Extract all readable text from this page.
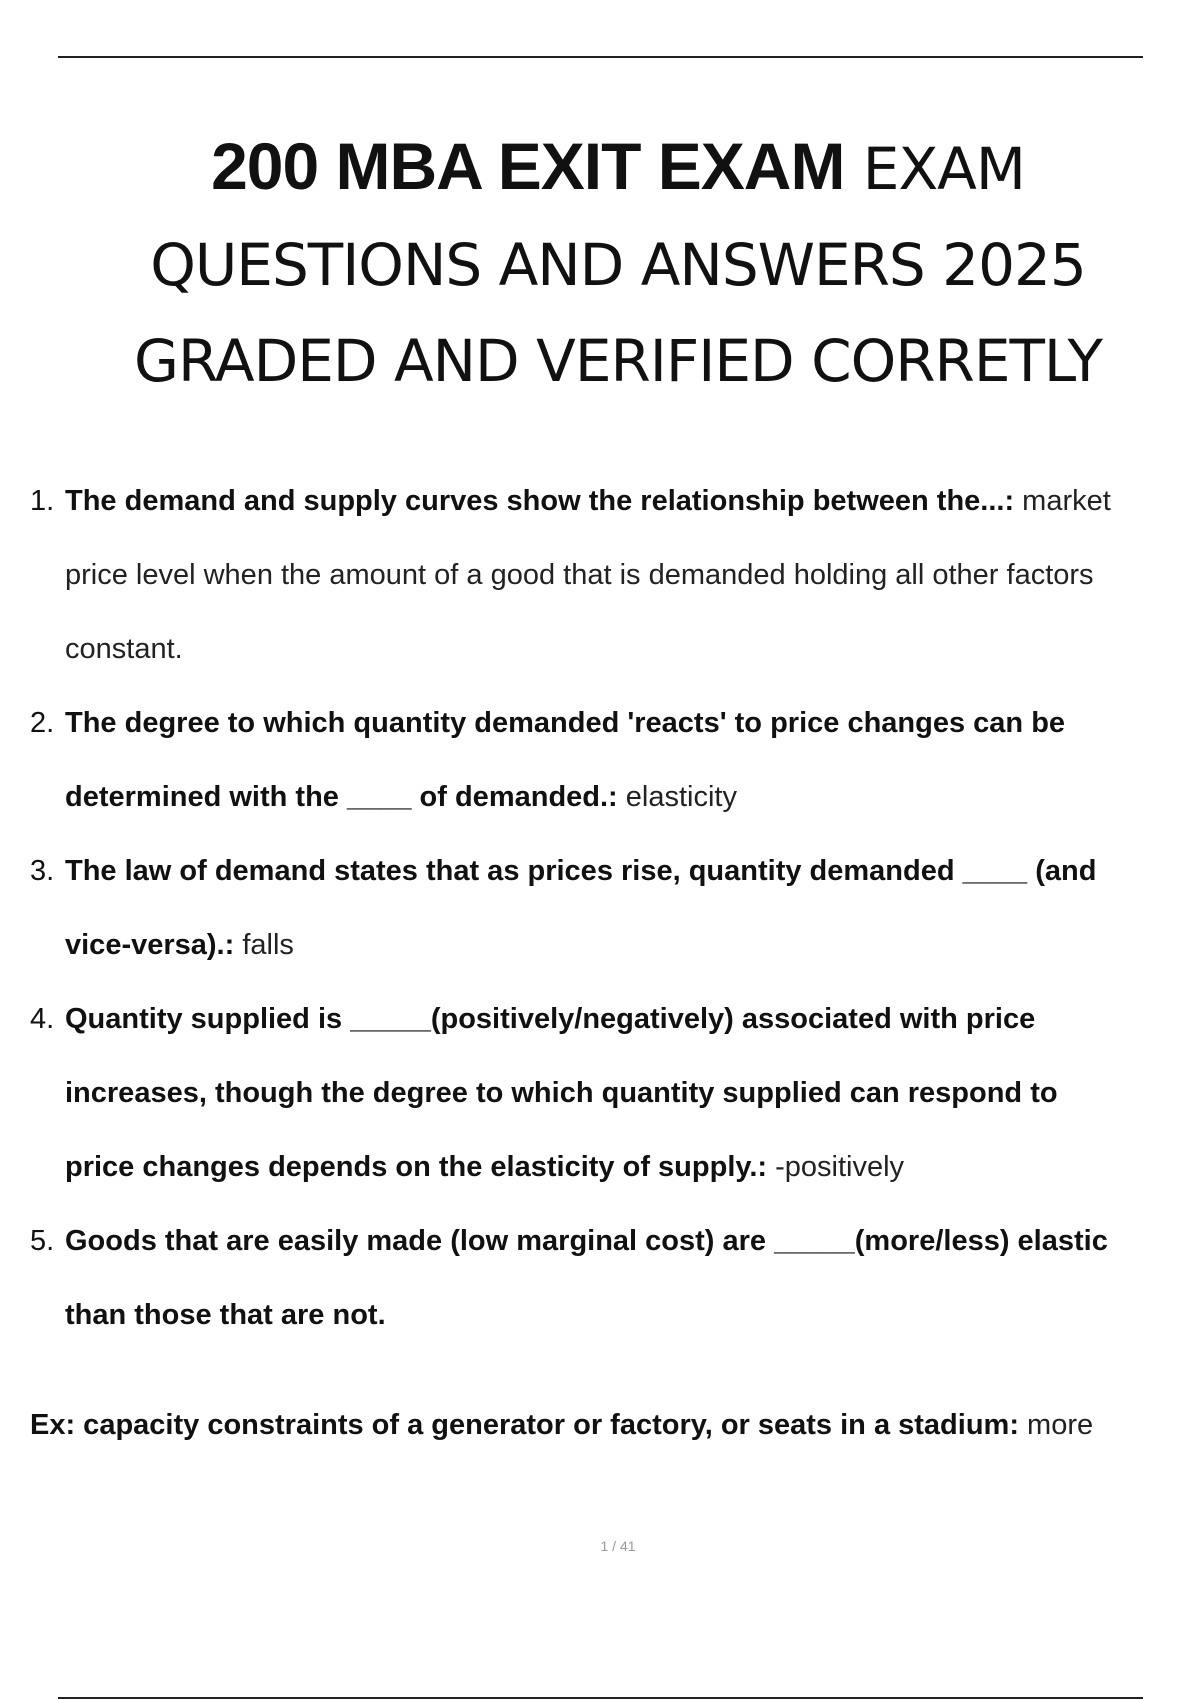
200 MBA EXIT EXAM EXAM
QUESTIONS AND ANSWERS 2025
GRADED AND VERIFIED CORRETLY
1. The demand and supply curves show the relationship between the...: market
price level when the amount of a good that is demanded holding all other factors
constant.
2. The degree to which quantity demanded 'reacts' to price changes can be
determined with the ____ of demanded.: elasticity
3. The law of demand states that as prices rise, quantity demanded ____ (and
vice-versa).: falls
4. Quantity supplied is _____(positively/negatively) associated with price
increases, though the degree to which quantity supplied can respond to
price changes depends on the elasticity of supply.: -positively
5. Goods that are easily made (low marginal cost) are _____(more/less) elastic
than those that are not.
Ex: capacity constraints of a generator or factory, or seats in a stadium: more
1 / 41
